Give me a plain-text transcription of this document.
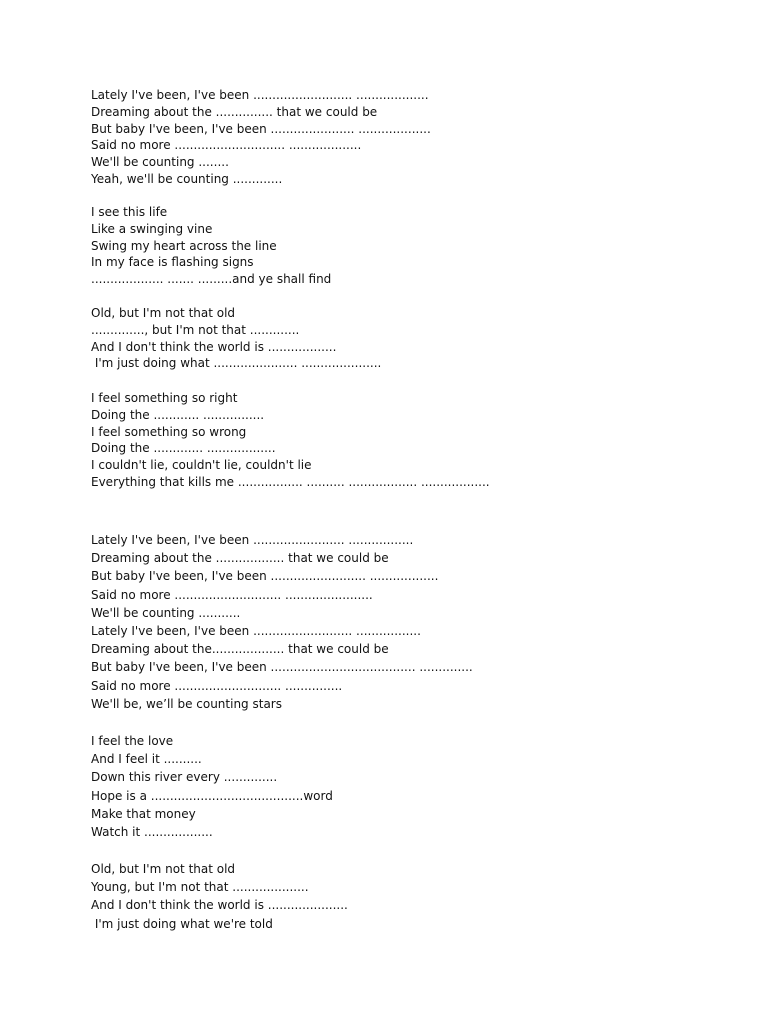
Lately I've been, I've been .......................... ...................
Dreaming about the ............... that we could be
But baby I've been, I've been ...................... ...................
Said no more ............................. ...................
We'll be counting ........
Yeah, we'll be counting .............
I see this life
Like a swinging vine
Swing my heart across the line
In my face is flashing signs
................... ....... .........and ye shall find
Old, but I'm not that old
.............., but I'm not that .............
And I don't think the world is ..................
I'm just doing what ...................... .....................
I feel something so right
Doing the ............ ................
I feel something so wrong
Doing the ............. ..................
I couldn't lie, couldn't lie, couldn't lie
Everything that kills me ................. .......... .................. ..................
Lately I've been, I've been ........................ .................
Dreaming about the .................. that we could be
But baby I've been, I've been ......................... ..................
Said no more ............................ .......................
We'll be counting ...........
Lately I've been, I've been .......................... .................
Dreaming about the................... that we could be
But baby I've been, I've been ...................................... ..............
Said no more ............................ ...............
We'll be, we’ll be counting stars
I feel the love
And I feel it ..........
Down this river every ..............
Hope is a ........................................word
Make that money
Watch it ..................
Old, but I'm not that old
Young, but I'm not that ....................
And I don't think the world is .....................
I'm just doing what we're told
